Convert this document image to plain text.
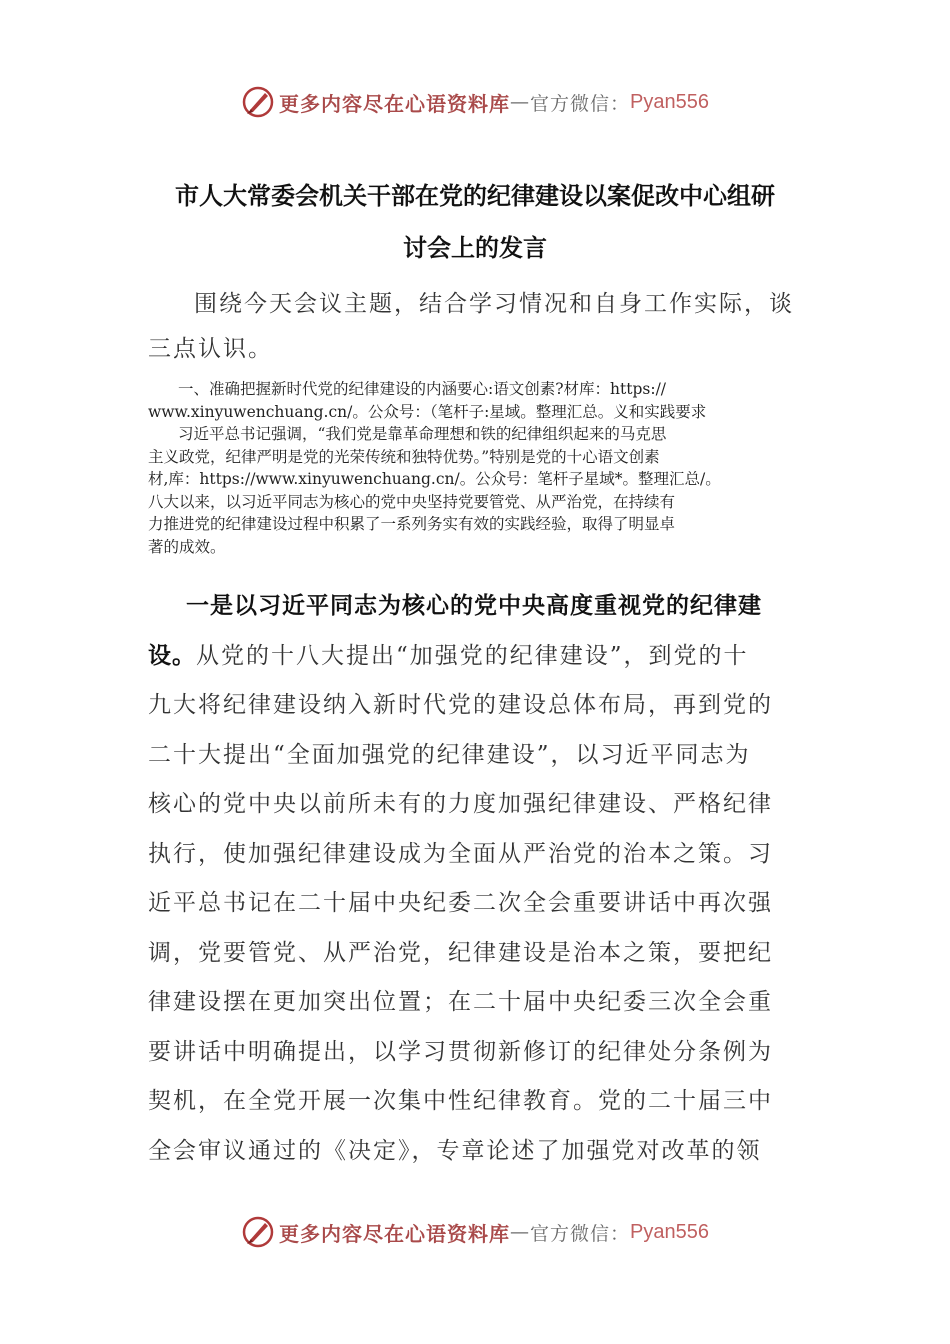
更多内容尽在心语资料库 — 官方微信： Pyan556
市人大常委会机关干部在党的纪律建设以案促改中心组研
讨会上的发言

围绕今天会议主题，结合学习情况和自身工作实际，谈三点认识。

一、准确把握新时代党的纪律建设的内涵要心:语文创素?材库：https://
www.xinyuwenchuang.cn/。公众号：（笔杆子:星域。整理汇总。义和实践要求
习近平总书记强调，“我们党是靠革命理想和铁的纪律组织起来的马克思
主义政党，纪律严明是党的光荣传统和独特优势。”特别是党的十心语文创素
材,库：https://www.xinyuwenchuang.cn/。公众号：笔杆子星域*。整理汇总/。
八大以来，以习近平同志为核心的党中央坚持党要管党、从严治党，在持续有
力推进党的纪律建设过程中积累了一系列务实有效的实践经验，取得了明显卓
著的成效。
一是以习近平同志为核心的党中央高度重视党的纪律建
设。从党的十八大提出“加强党的纪律建设”，到党的十
九大将纪律建设纳入新时代党的建设总体布局，再到党的
二十大提出“全面加强党的纪律建设”，以习近平同志为
核心的党中央以前所未有的力度加强纪律建设、严格纪律
执行，使加强纪律建设成为全面从严治党的治本之策。习
近平总书记在二十届中央纪委二次全会重要讲话中再次强
调，党要管党、从严治党，纪律建设是治本之策，要把纪
律建设摆在更加突出位置；在二十届中央纪委三次全会重
要讲话中明确提出，以学习贯彻新修订的纪律处分条例为
契机，在全党开展一次集中性纪律教育。党的二十届三中
全会审议通过的《决定》，专章论述了加强党对改革的领
更多内容尽在心语资料库 — 官方微信： Pyan556
